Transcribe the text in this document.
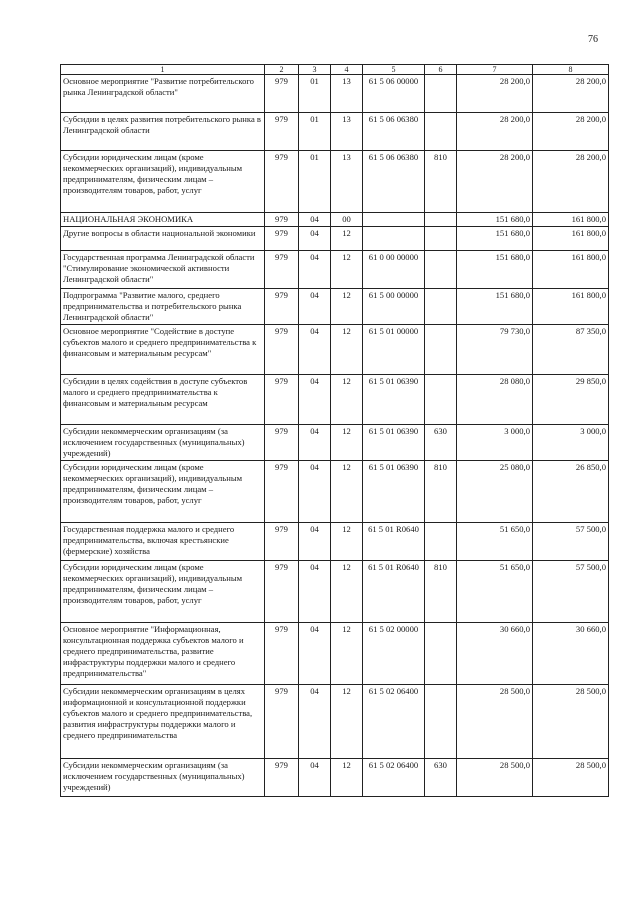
76
1	2	3	4	5	6	7	8
Основное мероприятие "Развитие потребительского рынка Ленинградской области"	979	01	13	61 5 06 00000		28 200,0	28 200,0
Субсидии в целях развития потребительского рынка в Ленинградской области	979	01	13	61 5 06 06380		28 200,0	28 200,0
Субсидии юридическим лицам (кроме некоммерческих организаций), индивидуальным предпринимателям, физическим лицам – производителям товаров, работ, услуг	979	01	13	61 5 06 06380	810	28 200,0	28 200,0
НАЦИОНАЛЬНАЯ ЭКОНОМИКА	979	04	00			151 680,0	161 800,0
Другие вопросы в области национальной экономики	979	04	12			151 680,0	161 800,0
Государственная программа Ленинградской области "Стимулирование экономической активности Ленинградской области"	979	04	12	61 0 00 00000		151 680,0	161 800,0
Подпрограмма "Развитие малого, среднего предпринимательства и потребительского рынка Ленинградской области"	979	04	12	61 5 00 00000		151 680,0	161 800,0
Основное мероприятие "Содействие в доступе субъектов малого и среднего предпринимательства к финансовым и материальным ресурсам"	979	04	12	61 5 01 00000		79 730,0	87 350,0
Субсидии в целях содействия в доступе субъектов малого и среднего предпринимательства к финансовым и материальным ресурсам	979	04	12	61 5 01 06390		28 080,0	29 850,0
Субсидии некоммерческим организациям (за исключением государственных (муниципальных) учреждений)	979	04	12	61 5 01 06390	630	3 000,0	3 000,0
Субсидии юридическим лицам (кроме некоммерческих организаций), индивидуальным предпринимателям, физическим лицам – производителям товаров, работ, услуг	979	04	12	61 5 01 06390	810	25 080,0	26 850,0
Государственная поддержка малого и среднего предпринимательства, включая крестьянские (фермерские) хозяйства	979	04	12	61 5 01 R0640		51 650,0	57 500,0
Субсидии юридическим лицам (кроме некоммерческих организаций), индивидуальным предпринимателям, физическим лицам – производителям товаров, работ, услуг	979	04	12	61 5 01 R0640	810	51 650,0	57 500,0
Основное мероприятие "Информационная, консультационная поддержка субъектов малого и среднего предпринимательства, развитие инфраструктуры поддержки малого и среднего предпринимательства"	979	04	12	61 5 02 00000		30 660,0	30 660,0
Субсидии некоммерческим организациям в целях информационной и консультационной поддержки субъектов малого и среднего предпринимательства, развития инфраструктуры поддержки малого и среднего предпринимательства	979	04	12	61 5 02 06400		28 500,0	28 500,0
Субсидии некоммерческим организациям (за исключением государственных (муниципальных) учреждений)	979	04	12	61 5 02 06400	630	28 500,0	28 500,0
